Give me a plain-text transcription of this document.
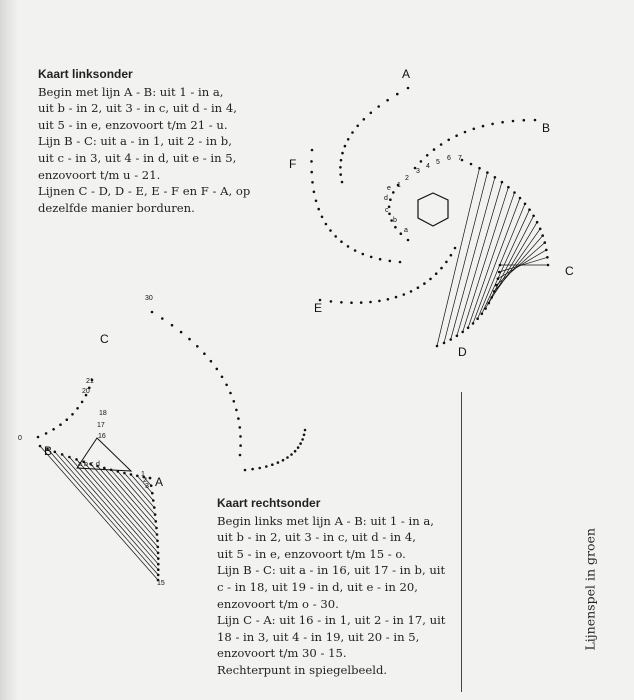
Kaart linksonder
Begin met lijn A - B: uit 1 - in a,
uit b - in 2, uit 3 - in c, uit d - in 4,
uit 5 - in e, enzovoort t/m 21 - u.
Lijn B - C: uit a - in 1, uit 2 - in b,
uit c - in 3, uit 4 - in d, uit e - in 5,
enzovoort t/m u - 21.
Lijnen C - D, D - E, E - F en F - A, op
dezelfde manier borduren.
Kaart rechtsonder
Begin links met lijn A - B: uit 1 - in a,
uit b - in 2, uit 3 - in c, uit d - in 4,
uit 5 - in e, enzovoort t/m 15 - o.
Lijn B - C: uit a - in 16, uit 17 - in b, uit
c - in 18, uit 19 - in d, uit e - in 20,
enzovoort t/m o - 30.
Lijn C - A: uit 16 - in 1, uit 2 - in 17, uit
18 - in 3, uit 4 - in 19, uit 20 - in 5,
enzovoort t/m 30 - 15.
Rechterpunt in spiegelbeeld.
Lijnenspel in groen
A
B
C
D
E
F
1
2
3
4
5
6 7
a
b
c
d
e
C
B
A
0
1
2
3
15
16
17
18
20
21
30
a b c d
